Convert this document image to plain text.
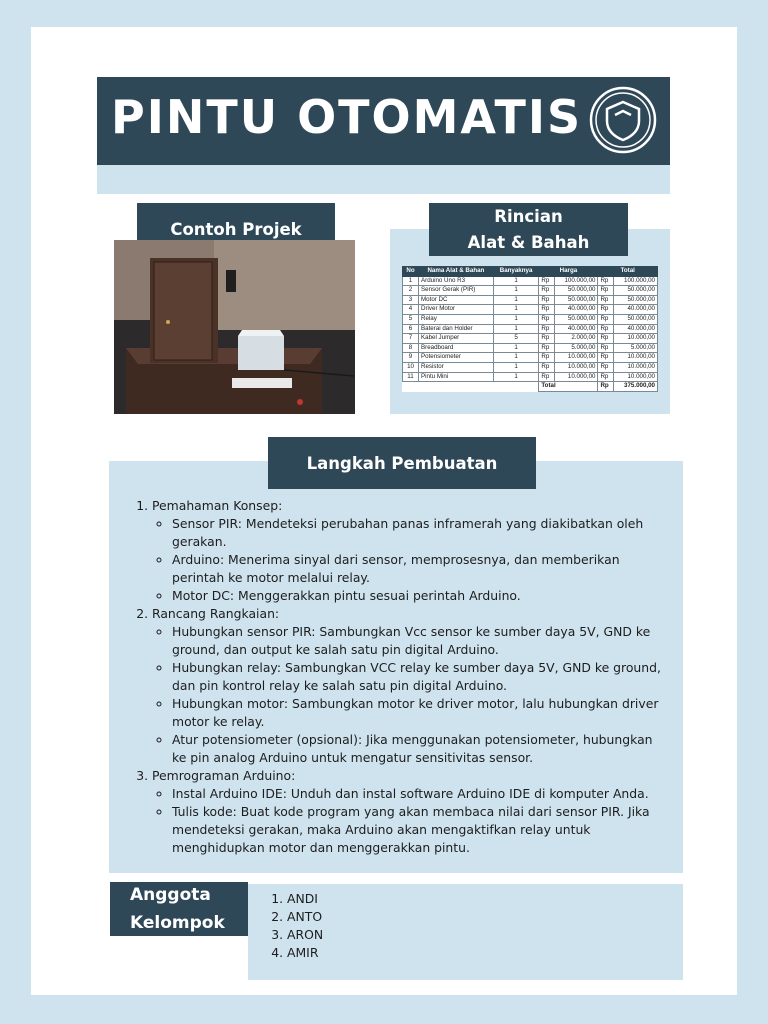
PINTU OTOMATIS
Contoh Projek
Rincian
Alat & Bahah
No	Nama Alat & Bahan	Banyaknya	Harga		Total	
1	Arduino Uno R3	1	Rp	100.000,00	Rp	100.000,00
2	Sensor Gerak (PIR)	1	Rp	50.000,00	Rp	50.000,00
3	Motor DC	1	Rp	50.000,00	Rp	50.000,00
4	Driver Motor	1	Rp	40.000,00	Rp	40.000,00
5	Relay	1	Rp	50.000,00	Rp	50.000,00
6	Baterai dan Holder	1	Rp	40.000,00	Rp	40.000,00
7	Kabel Jumper	5	Rp	2.000,00	Rp	10.000,00
8	Breadboard	1	Rp	5.000,00	Rp	5.000,00
9	Potensiometer	1	Rp	10.000,00	Rp	10.000,00
10	Resistor	1	Rp	10.000,00	Rp	10.000,00
11	Pintu Mini	1	Rp	10.000,00	Rp	10.000,00
			Total		Rp	375.000,00
Langkah Pembuatan
1. Pemahaman Konsep:
◦ Sensor PIR: Mendeteksi perubahan panas inframerah yang diakibatkan oleh gerakan.
◦ Arduino: Menerima sinyal dari sensor, memprosesnya, dan memberikan perintah ke motor melalui relay.
◦ Motor DC: Menggerakkan pintu sesuai perintah Arduino.
2. Rancang Rangkaian:
◦ Hubungkan sensor PIR: Sambungkan Vcc sensor ke sumber daya 5V, GND ke ground, dan output ke salah satu pin digital Arduino.
◦ Hubungkan relay: Sambungkan VCC relay ke sumber daya 5V, GND ke ground, dan pin kontrol relay ke salah satu pin digital Arduino.
◦ Hubungkan motor: Sambungkan motor ke driver motor, lalu hubungkan driver motor ke relay.
◦ Atur potensiometer (opsional): Jika menggunakan potensiometer, hubungkan ke pin analog Arduino untuk mengatur sensitivitas sensor.
3. Pemrograman Arduino:
◦ Instal Arduino IDE: Unduh dan instal software Arduino IDE di komputer Anda.
◦ Tulis kode: Buat kode program yang akan membaca nilai dari sensor PIR. Jika mendeteksi gerakan, maka Arduino akan mengaktifkan relay untuk menghidupkan motor dan menggerakkan pintu.
Anggota
Kelompok
1. ANDI
2. ANTO
3. ARON
4. AMIR
